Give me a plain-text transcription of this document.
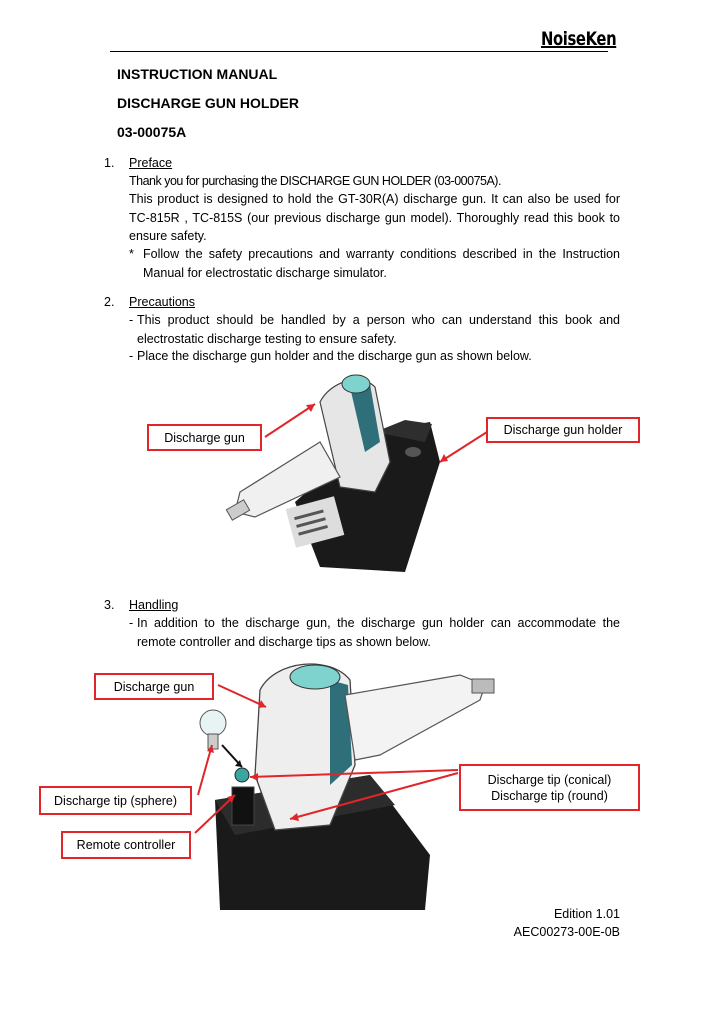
NoiseKen
INSTRUCTION MANUAL
DISCHARGE GUN HOLDER
03-00075A
1. Preface
Thank you for purchasing the DISCHARGE GUN HOLDER (03-00075A).
This product is designed to hold the GT-30R(A) discharge gun. It can also be used for TC-815R , TC-815S (our previous discharge gun model). Thoroughly read this book to ensure safety.
* Follow the safety precautions and warranty conditions described in the Instruction Manual for electrostatic discharge simulator.
2. Precautions
- This product should be handled by a person who can understand this book and electrostatic discharge testing to ensure safety.
- Place the discharge gun holder and the discharge gun as shown below.
Discharge gun
Discharge gun holder
3. Handling
- In addition to the discharge gun, the discharge gun holder can accommodate the remote controller and discharge tips as shown below.
Discharge gun
Discharge tip (conical)
Discharge tip (round)
Discharge tip (sphere)
Remote controller
Edition 1.01
AEC00273-00E-0B
